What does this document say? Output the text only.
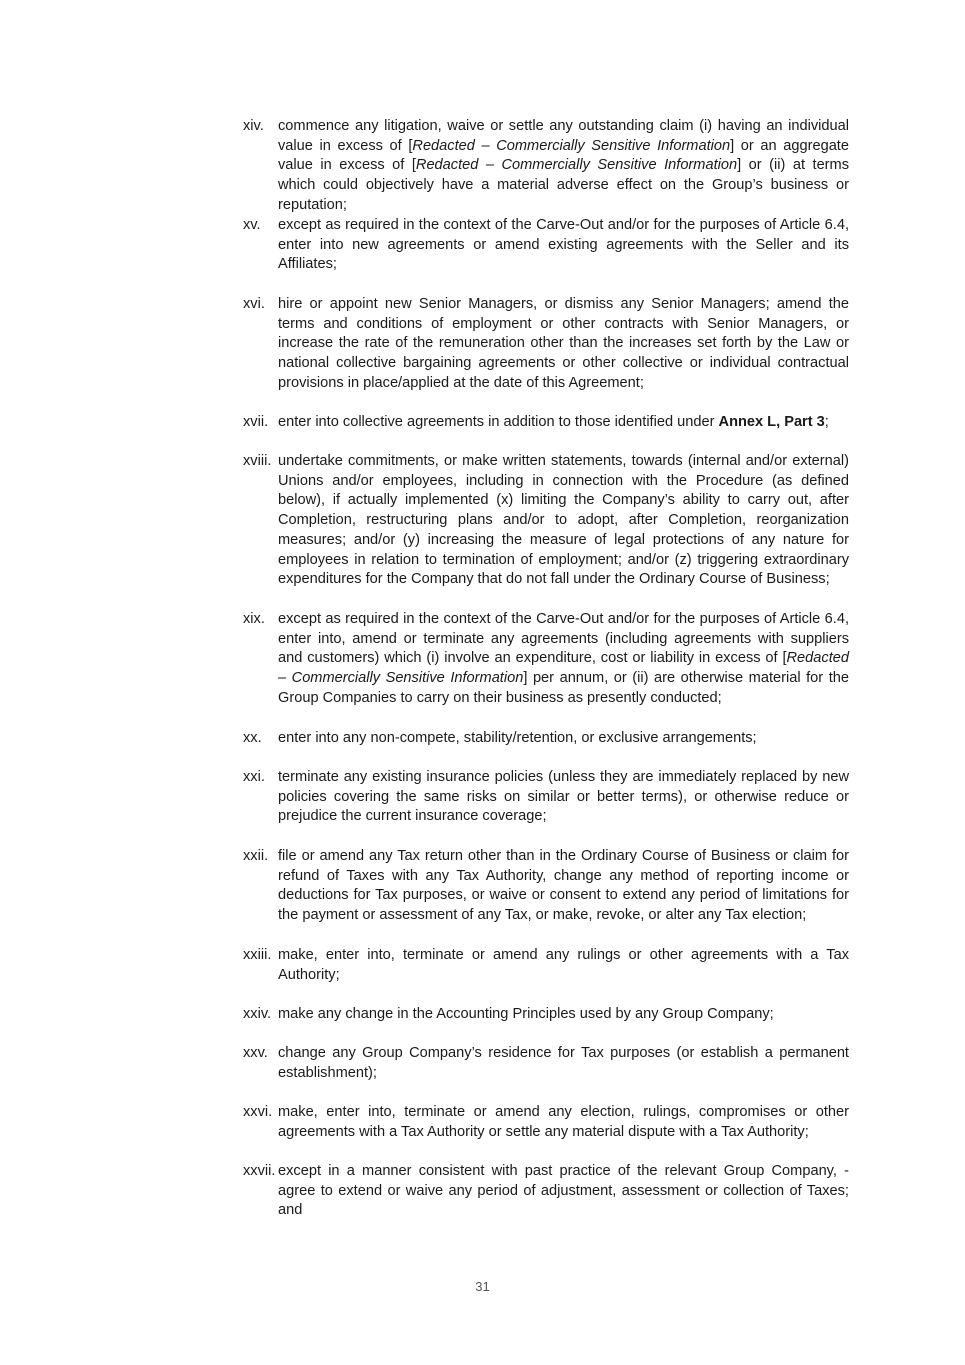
xiv. commence any litigation, waive or settle any outstanding claim (i) having an individual value in excess of [Redacted – Commercially Sensitive Information] or an aggregate value in excess of [Redacted – Commercially Sensitive Information] or (ii) at terms which could objectively have a material adverse effect on the Group’s business or reputation;
xv.	except as required in the context of the Carve-Out and/or for the purposes of Article 6.4, enter into new agreements or amend existing agreements with the Seller and its Affiliates;
xvi. hire or appoint new Senior Managers, or dismiss any Senior Managers; amend the terms and conditions of employment or other contracts with Senior Managers, or increase the rate of the remuneration other than the increases set forth by the Law or national collective bargaining agreements or other collective or individual contractual provisions in place/applied at the date of this Agreement;
xvii. enter into collective agreements in addition to those identified under Annex L, Part 3;
xviii. undertake commitments, or make written statements, towards (internal and/or external) Unions and/or employees, including in connection with the Procedure (as defined below), if actually implemented (x) limiting the Company’s ability to carry out, after Completion, restructuring plans and/or to adopt, after Completion, reorganization measures; and/or (y) increasing the measure of legal protections of any nature for employees in relation to termination of employment; and/or (z) triggering extraordinary expenditures for the Company that do not fall under the Ordinary Course of Business;
xix. except as required in the context of the Carve-Out and/or for the purposes of Article 6.4, enter into, amend or terminate any agreements (including agreements with suppliers and customers) which (i) involve an expenditure, cost or liability in excess of [Redacted – Commercially Sensitive Information] per annum, or (ii) are otherwise material for the Group Companies to carry on their business as presently conducted;
xx.	enter into any non-compete, stability/retention, or exclusive arrangements;
xxi. terminate any existing insurance policies (unless they are immediately replaced by new policies covering the same risks on similar or better terms), or otherwise reduce or prejudice the current insurance coverage;
xxii. file or amend any Tax return other than in the Ordinary Course of Business or claim for refund of Taxes with any Tax Authority, change any method of reporting income or deductions for Tax purposes, or waive or consent to extend any period of limitations for the payment or assessment of any Tax, or make, revoke, or alter any Tax election;
xxiii. make, enter into, terminate or amend any rulings or other agreements with a Tax Authority;
xxiv. make any change in the Accounting Principles used by any Group Company;
xxv. change any Group Company’s residence for Tax purposes (or establish a permanent establishment);
xxvi. make, enter into, terminate or amend any election, rulings, compromises or other agreements with a Tax Authority or settle any material dispute with a Tax Authority;
xxvii. except in a manner consistent with past practice of the relevant Group Company, - agree to extend or waive any period of adjustment, assessment or collection of Taxes; and
31
